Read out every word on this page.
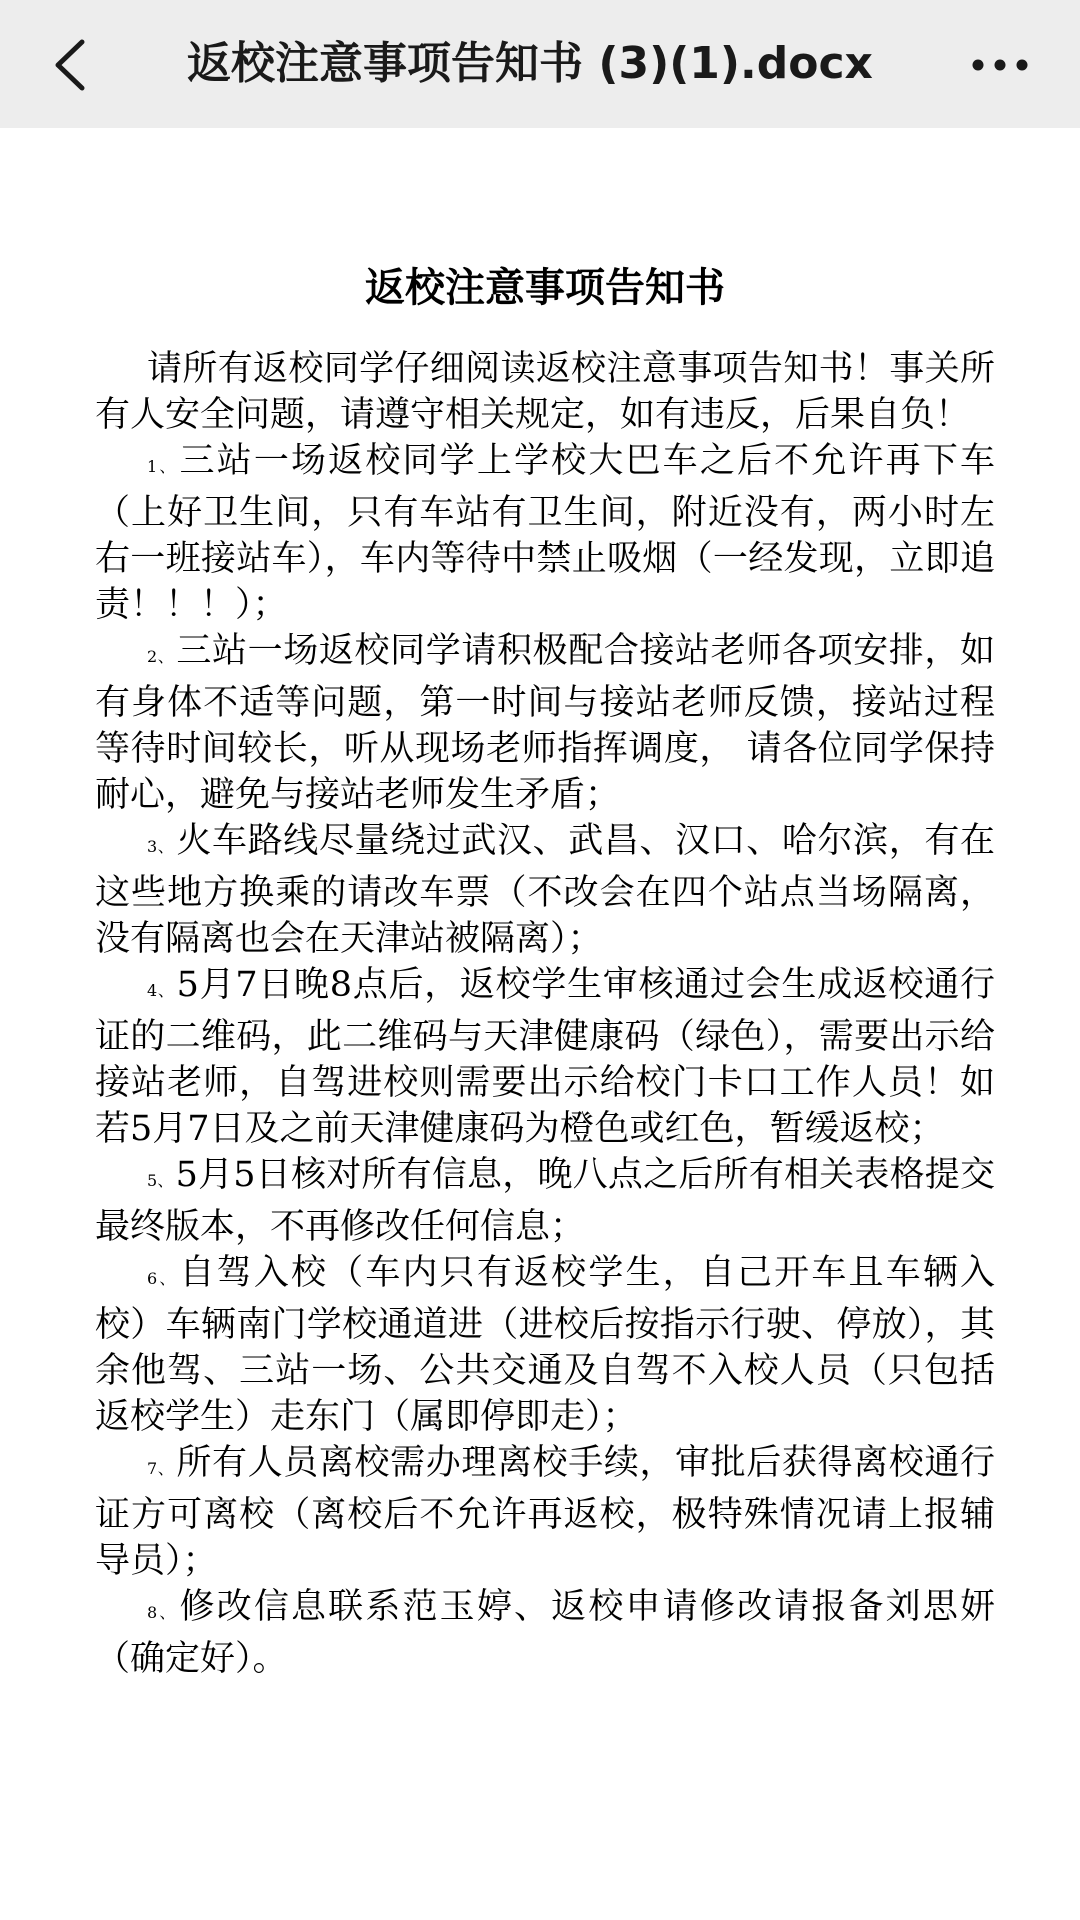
返校注意事项告知书 (3)(1).docx
返校注意事项告知书

请所有返校同学仔细阅读返校注意事项告知书！事关所有人安全问题，请遵守相关规定，如有违反，后果自负！

1、三站一场返校同学上学校大巴车之后不允许再下车（上好卫生间，只有车站有卫生间，附近没有，两小时左右一班接站车），车内等待中禁止吸烟（一经发现，立即追责！！！）；

2、三站一场返校同学请积极配合接站老师各项安排，如有身体不适等问题，第一时间与接站老师反馈，接站过程等待时间较长，听从现场老师指挥调度， 请各位同学保持耐心，避免与接站老师发生矛盾；

3、火车路线尽量绕过武汉、武昌、汉口、哈尔滨，有在这些地方换乘的请改车票（不改会在四个站点当场隔离，没有隔离也会在天津站被隔离）；

4、5月7日晚8点后，返校学生审核通过会生成返校通行证的二维码，此二维码与天津健康码（绿色），需要出示给接站老师，自驾进校则需要出示给校门卡口工作人员！如若5月7日及之前天津健康码为橙色或红色，暂缓返校；

5、5月5日核对所有信息，晚八点之后所有相关表格提交最终版本，不再修改任何信息；

6、自驾入校（车内只有返校学生，自己开车且车辆入校）车辆南门学校通道进（进校后按指示行驶、停放），其余他驾、三站一场、公共交通及自驾不入校人员（只包括返校学生）走东门（属即停即走）；

7、所有人员离校需办理离校手续，审批后获得离校通行证方可离校（离校后不允许再返校，极特殊情况请上报辅导员）；

8、修改信息联系范玉婷、返校申请修改请报备刘思妍（确定好）。
